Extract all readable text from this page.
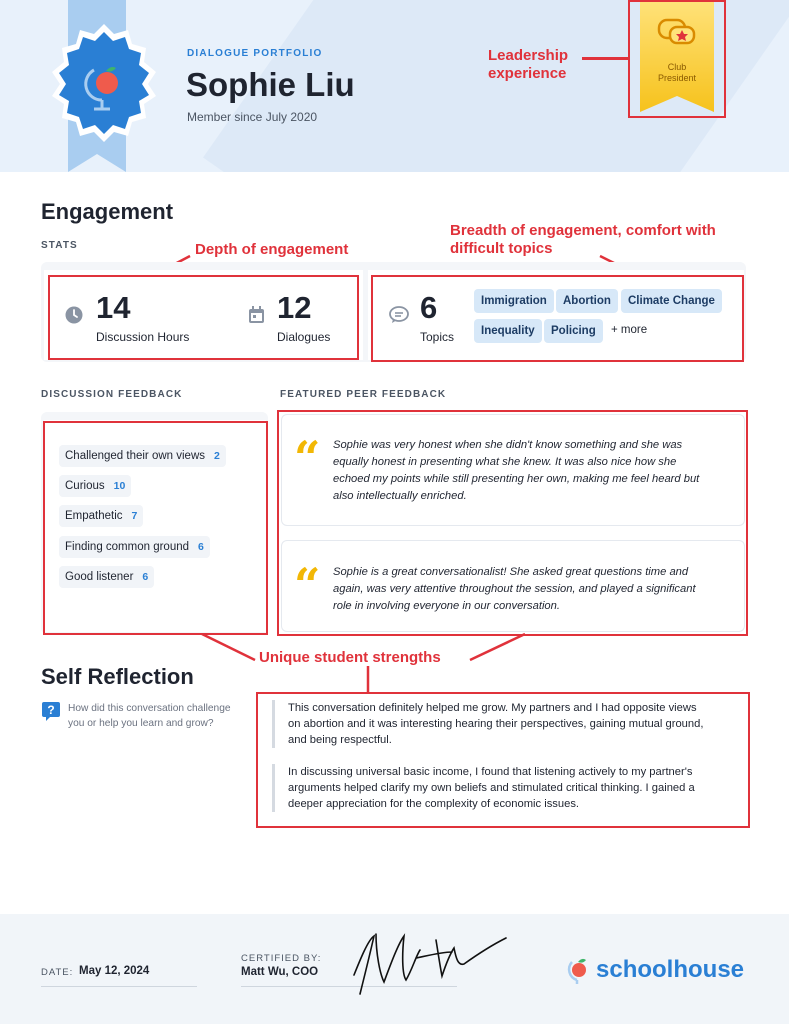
DIALOGUE PORTFOLIO
Sophie Liu
Member since July 2020
Club
President
Leadership
experience
Engagement
STATS	Depth of engagement
Breadth of engagement, comfort with
difficult topics
14
Discussion Hours
12
Dialogues
6
Topics
Immigration	Abortion	Climate Change
Inequality	Policing	+ more
DISCUSSION FEEDBACK	FEATURED PEER FEEDBACK
Challenged their own views 2
Curious 10
Empathetic 7
Finding common ground 6
Good listener 6
“ Sophie was very honest when she didn't know something and she was
equally honest in presenting what she knew. It was also nice how she
echoed my points while still presenting her own, making me feel heard but
also intellectually enriched.
“ Sophie is a great conversationalist! She asked great questions time and
again, was very attentive throughout the session, and played a significant
role in involving everyone in our conversation.
Unique student strengths
Self Reflection
? How did this conversation challenge
you or help you learn and grow?
This conversation definitely helped me grow. My partners and I had opposite views
on abortion and it was interesting hearing their perspectives, gaining mutual ground,
and being respectful.
In discussing universal basic income, I found that listening actively to my partner's
arguments helped clarify my own beliefs and stimulated critical thinking. I gained a
deeper appreciation for the complexity of economic issues.
DATE: May 12, 2024
CERTIFIED BY:
Matt Wu, COO	schoolhouse
